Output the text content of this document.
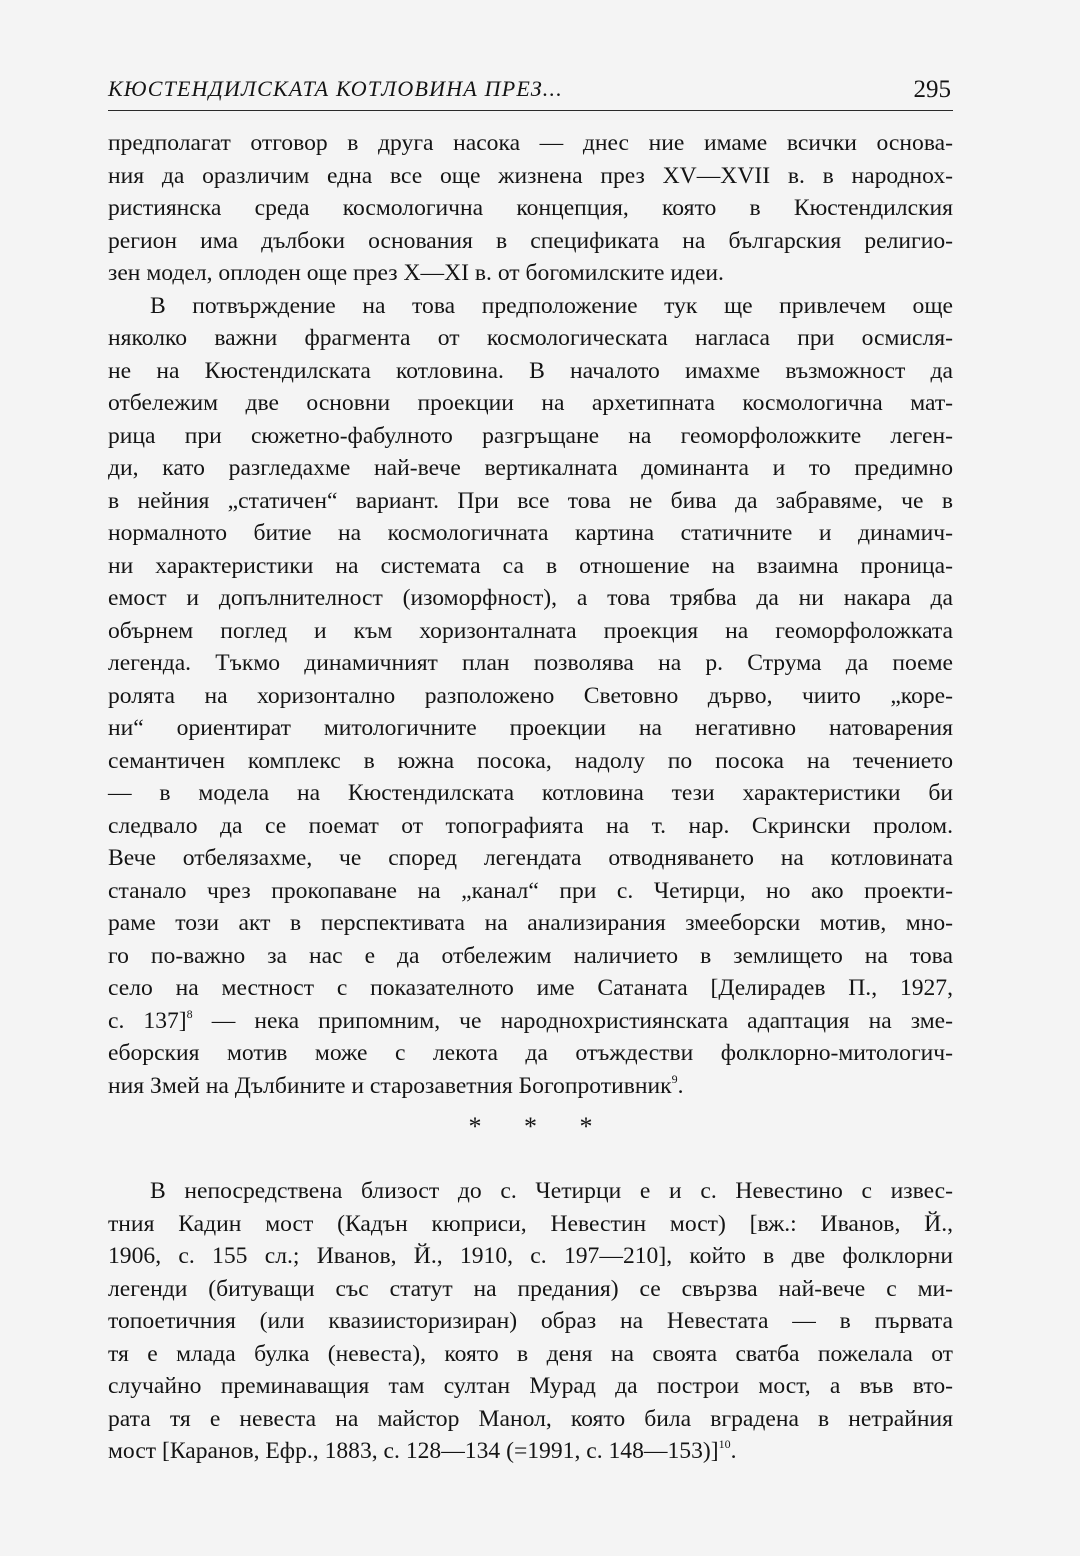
КЮСТЕНДИЛСКАТА КОТЛОВИНА ПРЕЗ...	295
предполагат отговор в друга насока — днес ние имаме всички основа-
ния да оразличим една все още жизнена през XV—XVII в. в народнох-
ристиянска среда космологична концепция, която в Кюстендилския
регион има дълбоки основания в спецификата на българския религио-
зен модел, оплоден още през X—XI в. от богомилските идеи.
В потвърждение на това предположение тук ще привлечем още
няколко важни фрагмента от космологическата нагласа при осмисля-
не на Кюстендилската котловина. В началото имахме възможност да
отбележим две основни проекции на архетипната космологична мат-
рица при сюжетно-фабулното разгръщане на геоморфоложките леген-
ди, като разгледахме най-вече вертикалната доминанта и то предимно
в нейния „статичен“ вариант. При все това не бива да забравяме, че в
нормалното битие на космологичната картина статичните и динамич-
ни характеристики на системата са в отношение на взаимна проница-
емост и допълнителност (изоморфност), а това трябва да ни накара да
обърнем поглед и към хоризонталната проекция на геоморфоложката
легенда. Тъкмо динамичният план позволява на р. Струма да поеме
ролята на хоризонтално разположено Световно дърво, чиито „коре-
ни“ ориентират митологичните проекции на негативно натоварения
семантичен комплекс в южна посока, надолу по посока на течението
— в модела на Кюстендилската котловина тези характеристики би
следвало да се поемат от топографията на т. нар. Скрински пролом.
Вече отбелязахме, че според легендата отводняването на котловината
станало чрез прокопаване на „канал“ при с. Четирци, но ако проекти-
раме този акт в перспективата на анализирания змееборски мотив, мно-
го по-важно за нас е да отбележим наличието в землището на това
село на местност с показателното име Сатаната [Делирадев П., 1927,
с. 137]$^8$ — нека припомним, че народнохристиянската адаптация на зме-
еборския мотив може с лекота да отъждестви фолклорно-митологич-
ния Змей на Дълбините и старозаветния Богопротивник$^9$.
* * *
В непосредствена близост до с. Четирци е и с. Невестино с извес-
тния Кадин мост (Кадън кюприси, Невестин мост) [вж.: Иванов, Й.,
1906, с. 155 сл.; Иванов, Й., 1910, с. 197—210], който в две фолклорни
легенди (битуващи със статут на предания) се свързва най-вече с ми-
топоетичния (или квазиисторизиран) образ на Невестата — в първата
тя е млада булка (невеста), която в деня на своята сватба пожелала от
случайно преминаващия там султан Мурад да построи мост, а във вто-
рата тя е невеста на майстор Манол, която била вградена в нетрайния
мост [Каранов, Ефр., 1883, с. 128—134 (=1991, с. 148—153)]$^{10}$.
